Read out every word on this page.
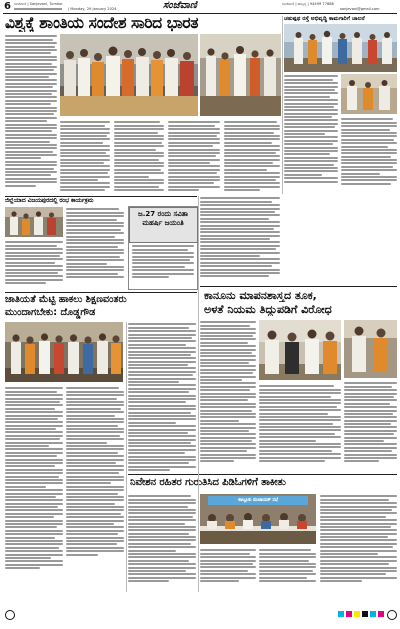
6 ಸಂಜೆವಾಣಿ | Sanjevani, Tumkur
| Monday, 29 January 2024	ಸಂಜೆವಾಣಿ	ಸಂಜೆವಾಣಿ | ಹುಬ್ಬಳ್ಳಿ | 94499 77888
sanjevani@gmail.com
ವಿಶ್ವಕ್ಕೆ ಶಾಂತಿಯ ಸಂದೇಶ ಸಾರಿದ ಭಾರತ	ಚತುಷ್ಪಥ ರಸ್ತೆ ಅಭಿವೃದ್ಧಿ ಕಾಮಗಾರಿಗೆ ಚಾಲನೆ
ಜಿಲ್ಲೆಯಾದ ವಿಜಯಪುರದಲ್ಲಿ ರಂಭ ಕಾರ್ಯಕ್ರಮ
ಜ.27 ರಂದು ಸವಿತಾ ಮಹರ್ಷಿ ಜಯಂತಿ
ಕಾನೂನು ಮಾಪನಶಾಸ್ತ್ರದ ತೂಕ,
ಅಳತೆ ನಿಯಮ ತಿದ್ದುಪಡಿಗೆ ವಿರೋಧ
ಜಾತಿಯತೆ ಮೆಟ್ಟಿ ಹಾಕಲು ಶಿಕ್ಷಣವಂತರು
ಮುಂದಾಗಬೇಕು: ದೊಡ್ಡಗೌಡ
ನಿವೇಶನ ರಹಿತರ ಗುರುತಿಸಿದ ಪಿಡಿಓಗಳಿಗೆ ತಾಕೀತು
ತಾಲ್ಲೂಕು ಪಂಚಾಯತ್ ಸಭೆ
